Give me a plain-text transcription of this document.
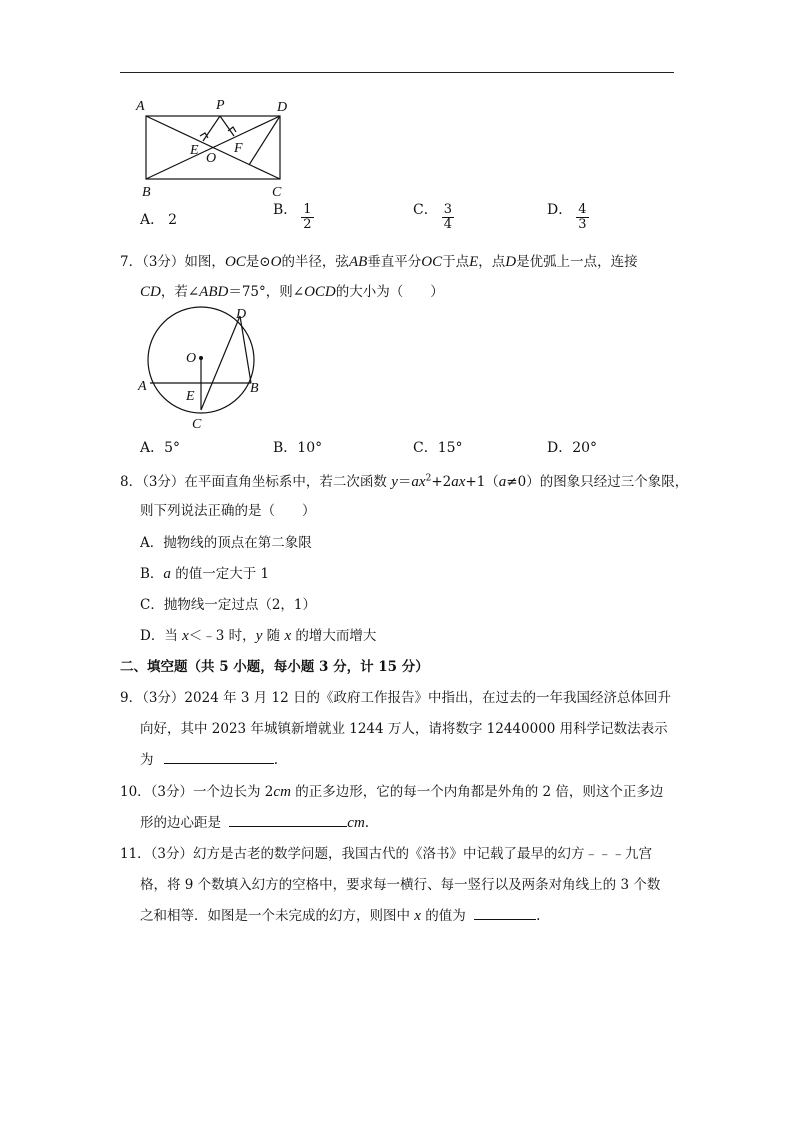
A	P	D
E
O
F
B	C
A． 2
B． $\frac{1}{2}$	C． $\frac{3}{4}$	D． $\frac{4}{3}$
7．（3分）如图，OC是⊙O的半径，弦AB垂直平分OC于点E，点D是优弧上一点，连接
CD，若∠ABD＝75°，则∠OCD的大小为（　　）
D
O
A
E
B
C
A．5°	B．10°	C．15°	D．20°
8．（3分）在平面直角坐标系中，若二次函数 $y=ax^2+2ax+1(a\ne 0)$的图象只经过三个象限，
则下列说法正确的是（　　）
A．抛物线的顶点在第二象限
B．a 的值一定大于 1
C．抛物线一定过点（2，1）
D．当 x＜﹣3 时，y 随 x 的增大而增大
二、填空题（共 5 小题，每小题 3 分，计 15 分）
9．（3分）2024 年 3 月 12 日的《政府工作报告》中指出，在过去的一年我国经济总体回升
向好，其中 2023 年城镇新增就业 1244 万人，请将数字 12440000 用科学记数法表示
为	.
10．（3分）一个边长为 2cm 的正多边形，它的每一个内角都是外角的 2 倍，则这个正多边
形的边心距是	cm.
11．（3分）幻方是古老的数学问题，我国古代的《洛书》中记载了最早的幻方﹣﹣﹣九宫
格，将 9 个数填入幻方的空格中，要求每一横行、每一竖行以及两条对角线上的 3 个数
之和相等．如图是一个未完成的幻方，则图中 x 的值为	.
